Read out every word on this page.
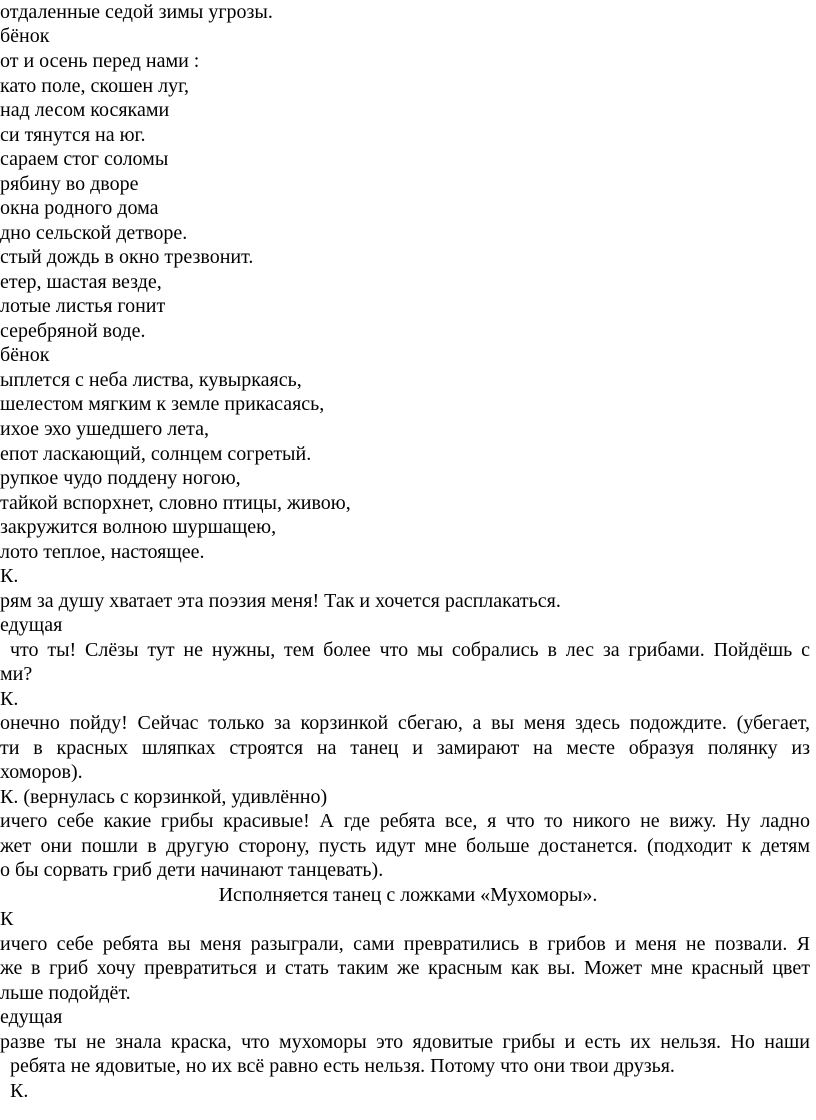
отдаленные седой зимы угрозы.
бёнок
от и осень перед нами :
като поле, скошен луг,
над лесом косяками
си тянутся на юг.
сараем стог соломы
рябину во дворе
окна родного дома
дно сельской детворе.
стый дождь в окно трезвонит.
етер, шастая везде,
лотые листья гонит
серебряной воде.
бёнок
ыплется с неба листва, кувыркаясь,
шелестом мягким к земле прикасаясь,
ихое эхо ушедшего лета,
епот ласкающий, солнцем согретый.
рупкое чудо поддену ногою,
тайкой вспорхнет, словно птицы, живою,
закружится волною шуршащею,
лото теплое, настоящее.
К.
рям за душу хватает эта поэзия меня! Так и хочется расплакаться.
едущая
что ты! Слёзы тут не нужны, тем более что мы собрались в лес за грибами. Пойдёшь с
ми?
К.
онечно пойду! Сейчас только за корзинкой сбегаю, а вы меня здесь подождите. (убегает,
ти в красных шляпках строятся на танец и замирают на месте образуя полянку из
хоморов).
К. (вернулась с корзинкой, удивлённо)
ичего себе какие грибы красивые! А где ребята все, я что то никого не вижу. Ну ладно
жет они пошли в другую сторону, пусть идут мне больше достанется. (подходит к детям
о бы сорвать гриб дети начинают танцевать).
Исполняется танец с ложками «Мухоморы».
К
ичего себе ребята вы меня разыграли, сами превратились в грибов и меня не позвали. Я
же в гриб хочу превратиться и стать таким же красным как вы. Может мне красный цвет
льше подойдёт.
едущая
разве ты не знала краска, что мухоморы это ядовитые грибы и есть их нельзя. Но наши
ребята не ядовитые, но их всё равно есть нельзя. Потому что они твои друзья.
К.
